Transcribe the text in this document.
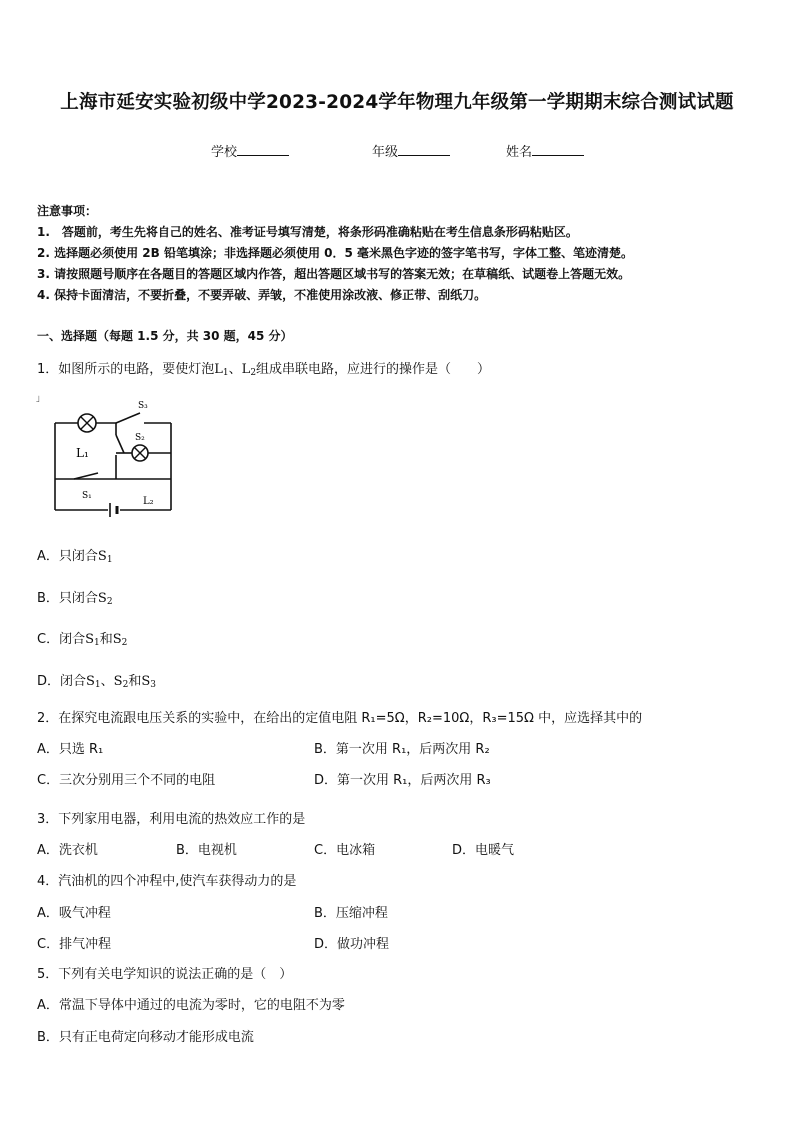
上海市延安实验初级中学2023-2024学年物理九年级第一学期期末综合测试试题
学校	年级	姓名
注意事项：
1.　答题前，考生先将自己的姓名、准考证号填写清楚，将条形码准确粘贴在考生信息条形码粘贴区。
2. 选择题必须使用 2B 铅笔填涂；非选择题必须使用 0．5 毫米黑色字迹的签字笔书写，字体工整、笔迹清楚。
3. 请按照题号顺序在各题目的答题区域内作答，超出答题区域书写的答案无效；在草稿纸、试题卷上答题无效。
4. 保持卡面清洁，不要折叠，不要弄破、弄皱，不准使用涂改液、修正带、刮纸刀。
一、选择题（每题 1.5 分，共 30 题，45 分）
1．如图所示的电路，要使灯泡$L_1$、$L_2$组成串联电路，应进行的操作是（　　）
」
S₃
S₂
L₁
S₁	L₂
A．只闭合$S_1$
B．只闭合$S_2$
C．闭合$S_1$和$S_2$
D．闭合$S_1$、$S_2$和$S_3$
2．在探究电流跟电压关系的实验中，在给出的定值电阻 R₁=5Ω，R₂=10Ω，R₃=15Ω 中，应选择其中的
A．只选 R₁	B．第一次用 R₁，后两次用 R₂
C．三次分别用三个不同的电阻	D．第一次用 R₁，后两次用 R₃
3．下列家用电器，利用电流的热效应工作的是
A．洗衣机	B．电视机	C．电冰箱	D．电暖气
4．汽油机的四个冲程中,使汽车获得动力的是
A．吸气冲程	B．压缩冲程
C．排气冲程	D．做功冲程
5．下列有关电学知识的说法正确的是（　）
A．常温下导体中通过的电流为零时，它的电阻不为零
B．只有正电荷定向移动才能形成电流
